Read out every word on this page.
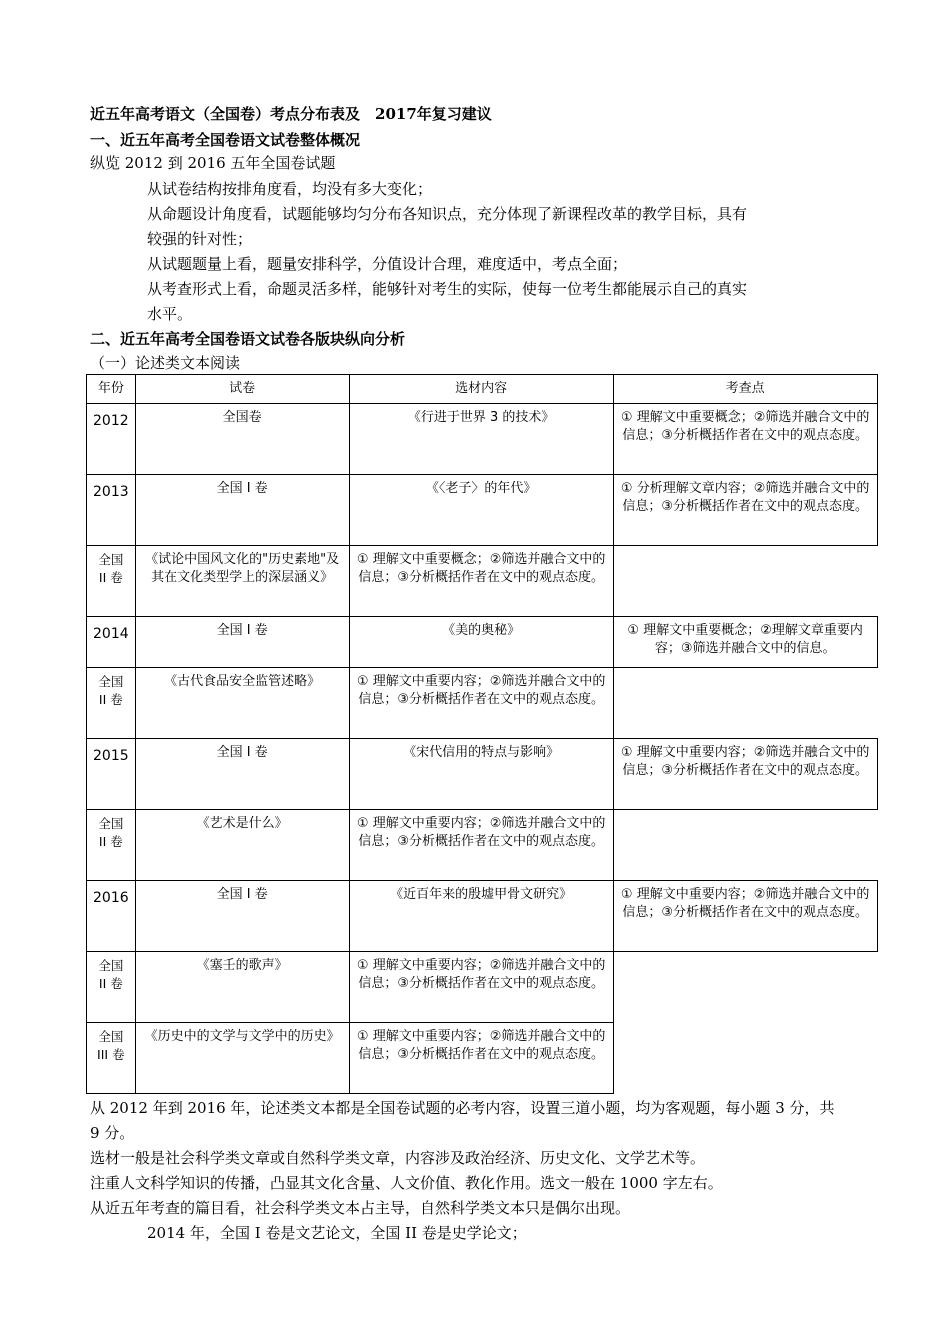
近五年高考语文（全国卷）考点分布表及　2017年复习建议
一、近五年高考全国卷语文试卷整体概况
纵览 2012 到 2016 五年全国卷试题
从试卷结构按排角度看，均没有多大变化；
从命题设计角度看，试题能够均匀分布各知识点，充分体现了新课程改革的教学目标，具有
较强的针对性；
从试题题量上看，题量安排科学，分值设计合理，难度适中，考点全面；
从考查形式上看，命题灵活多样，能够针对考生的实际，使每一位考生都能展示自己的真实
水平。
二、近五年高考全国卷语文试卷各版块纵向分析
（一）论述类文本阅读
年份	试卷	选材内容	考查点
2012	全国卷	《行进于世界 3 的技术》	① 理解文中重要概念；②筛选并融合文中的信息；③分析概括作者在文中的观点态度。
2013	全国 I 卷	《〈老子〉的年代》	① 分析理解文章内容；②筛选并融合文中的信息；③分析概括作者在文中的观点态度。
全国 II 卷	《试论中国风文化的"历史素地"及其在文化类型学上的深层涵义》	① 理解文中重要概念；②筛选并融合文中的信息；③分析概括作者在文中的观点态度。	
2014	全国 I 卷	《美的奥秘》	① 理解文中重要概念；②理解文章重要内容；③筛选并融合文中的信息。
全国 II 卷	《古代食品安全监管述略》	① 理解文中重要内容；②筛选并融合文中的信息；③分析概括作者在文中的观点态度。	
2015	全国 I 卷	《宋代信用的特点与影响》	① 理解文中重要内容；②筛选并融合文中的信息；③分析概括作者在文中的观点态度。
全国 II 卷	《艺术是什么》	① 理解文中重要内容；②筛选并融合文中的信息；③分析概括作者在文中的观点态度。	
2016	全国 I 卷	《近百年来的殷墟甲骨文研究》	① 理解文中重要内容；②筛选并融合文中的信息；③分析概括作者在文中的观点态度。
全国 II 卷	《塞壬的歌声》	① 理解文中重要内容；②筛选并融合文中的信息；③分析概括作者在文中的观点态度。	
全国 III 卷	《历史中的文学与文学中的历史》	① 理解文中重要内容；②筛选并融合文中的信息；③分析概括作者在文中的观点态度。	
从 2012 年到 2016 年，论述类文本都是全国卷试题的必考内容，设置三道小题，均为客观题，每小题 3 分，共
9 分。
选材一般是社会科学类文章或自然科学类文章，内容涉及政治经济、历史文化、文学艺术等。
注重人文科学知识的传播，凸显其文化含量、人文价值、教化作用。选文一般在 1000 字左右。
从近五年考查的篇目看，社会科学类文本占主导，自然科学类文本只是偶尔出现。
2014 年，全国 I 卷是文艺论文，全国 II 卷是史学论文；
